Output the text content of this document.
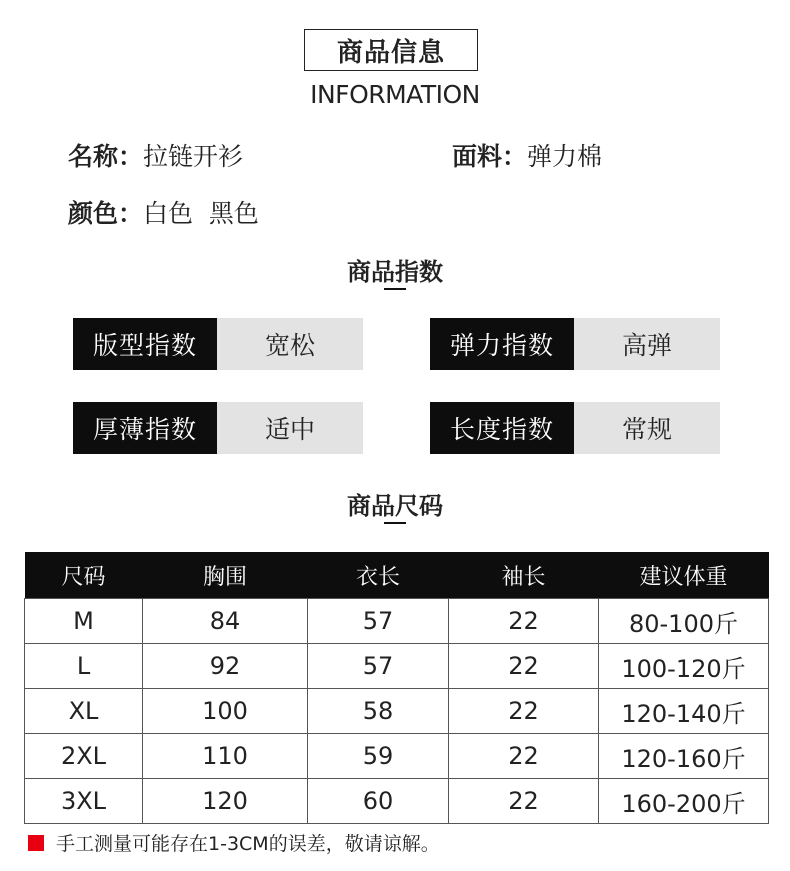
商品信息
INFORMATION
名称：拉链开衫	面料：弹力棉
颜色：白色  黑色
商品指数
版型指数	宽松	弹力指数	高弹
厚薄指数	适中	长度指数	常规
商品尺码
尺码	胸围	衣长	袖长	建议体重
M	84	57	22	80-100斤
L	92	57	22	100-120斤
XL	100	58	22	120-140斤
2XL	110	59	22	120-160斤
3XL	120	60	22	160-200斤
手工测量可能存在1-3CM的误差，敬请谅解。
